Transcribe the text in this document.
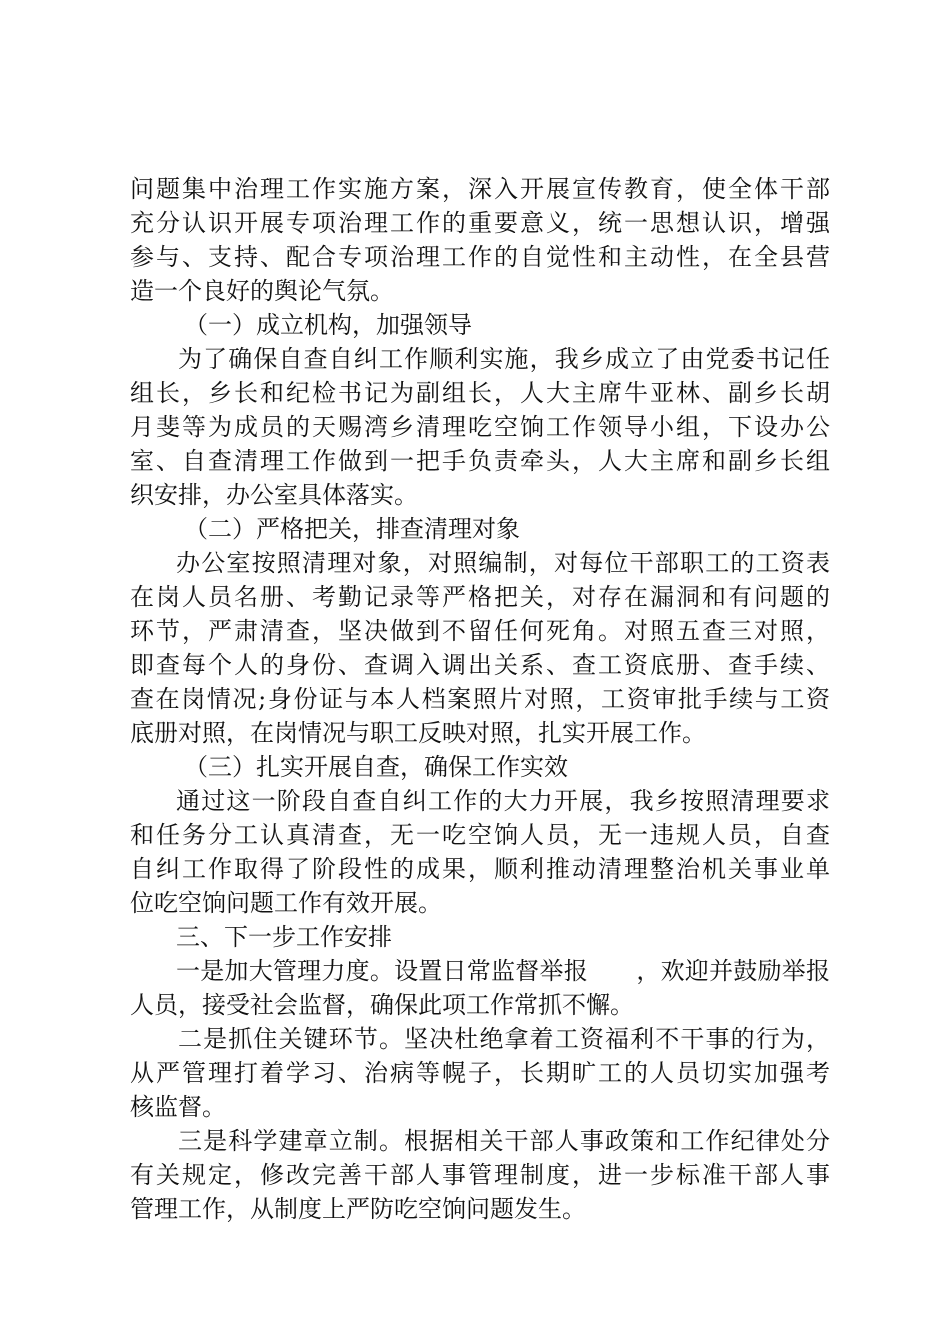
问题集中治理工作实施方案，深入开展宣传教育，使全体干部
充分认识开展专项治理工作的重要意义，统一思想认识，增强
参与、支持、配合专项治理工作的自觉性和主动性，在全县营
造一个良好的舆论气氛。
（一）成立机构，加强领导
为了确保自查自纠工作顺利实施，我乡成立了由党委书记任
组长，乡长和纪检书记为副组长，人大主席牛亚林、副乡长胡
月斐等为成员的天赐湾乡清理吃空饷工作领导小组，下设办公
室、自查清理工作做到一把手负责牵头，人大主席和副乡长组
织安排，办公室具体落实。
（二）严格把关，排查清理对象
办公室按照清理对象，对照编制，对每位干部职工的工资表
在岗人员名册、考勤记录等严格把关，对存在漏洞和有问题的
环节，严肃清查，坚决做到不留任何死角。对照五查三对照，
即查每个人的身份、查调入调出关系、查工资底册、查手续、
查在岗情况;身份证与本人档案照片对照，工资审批手续与工资
底册对照，在岗情况与职工反映对照，扎实开展工作。
（三）扎实开展自查，确保工作实效
通过这一阶段自查自纠工作的大力开展，我乡按照清理要求
和任务分工认真清查，无一吃空饷人员，无一违规人员，自查
自纠工作取得了阶段性的成果，顺利推动清理整治机关事业单
位吃空饷问题工作有效开展。
三、下一步工作安排
一是加大管理力度。设置日常监督举报　　，欢迎并鼓励举报
人员，接受社会监督，确保此项工作常抓不懈。
二是抓住关键环节。坚决杜绝拿着工资福利不干事的行为，
从严管理打着学习、治病等幌子，长期旷工的人员切实加强考
核监督。
三是科学建章立制。根据相关干部人事政策和工作纪律处分
有关规定，修改完善干部人事管理制度，进一步标准干部人事
管理工作，从制度上严防吃空饷问题发生。
